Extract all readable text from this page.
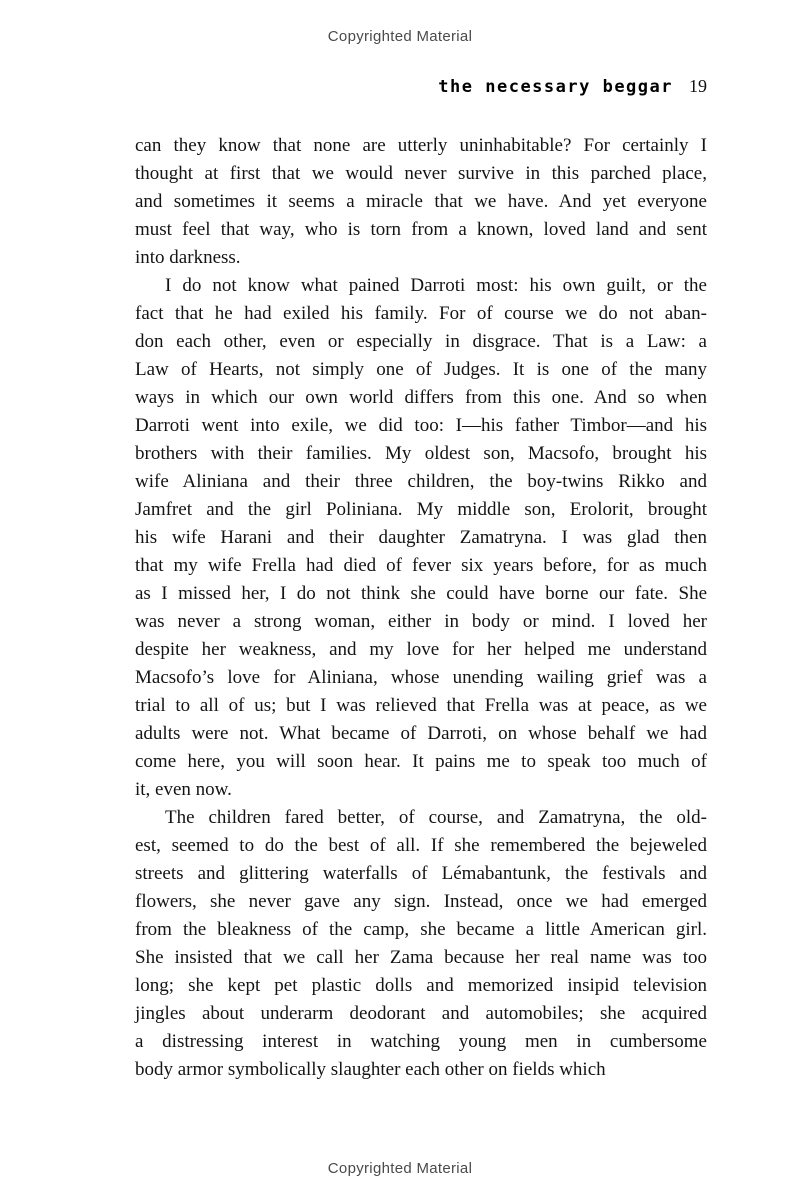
Copyrighted Material
the necessary beggar 19
can they know that none are utterly uninhabitable? For certainly I
thought at first that we would never survive in this parched place,
and sometimes it seems a miracle that we have. And yet everyone
must feel that way, who is torn from a known, loved land and sent
into darkness.
I do not know what pained Darroti most: his own guilt, or the
fact that he had exiled his family. For of course we do not aban-
don each other, even or especially in disgrace. That is a Law: a
Law of Hearts, not simply one of Judges. It is one of the many
ways in which our own world differs from this one. And so when
Darroti went into exile, we did too: I—his father Timbor—and his
brothers with their families. My oldest son, Macsofo, brought his
wife Aliniana and their three children, the boy-twins Rikko and
Jamfret and the girl Poliniana. My middle son, Erolorit, brought
his wife Harani and their daughter Zamatryna. I was glad then
that my wife Frella had died of fever six years before, for as much
as I missed her, I do not think she could have borne our fate. She
was never a strong woman, either in body or mind. I loved her
despite her weakness, and my love for her helped me understand
Macsofo’s love for Aliniana, whose unending wailing grief was a
trial to all of us; but I was relieved that Frella was at peace, as we
adults were not. What became of Darroti, on whose behalf we had
come here, you will soon hear. It pains me to speak too much of
it, even now.
The children fared better, of course, and Zamatryna, the old-
est, seemed to do the best of all. If she remembered the bejeweled
streets and glittering waterfalls of Lémabantunk, the festivals and
flowers, she never gave any sign. Instead, once we had emerged
from the bleakness of the camp, she became a little American girl.
She insisted that we call her Zama because her real name was too
long; she kept pet plastic dolls and memorized insipid television
jingles about underarm deodorant and automobiles; she acquired
a distressing interest in watching young men in cumbersome
body armor symbolically slaughter each other on fields which
Copyrighted Material
